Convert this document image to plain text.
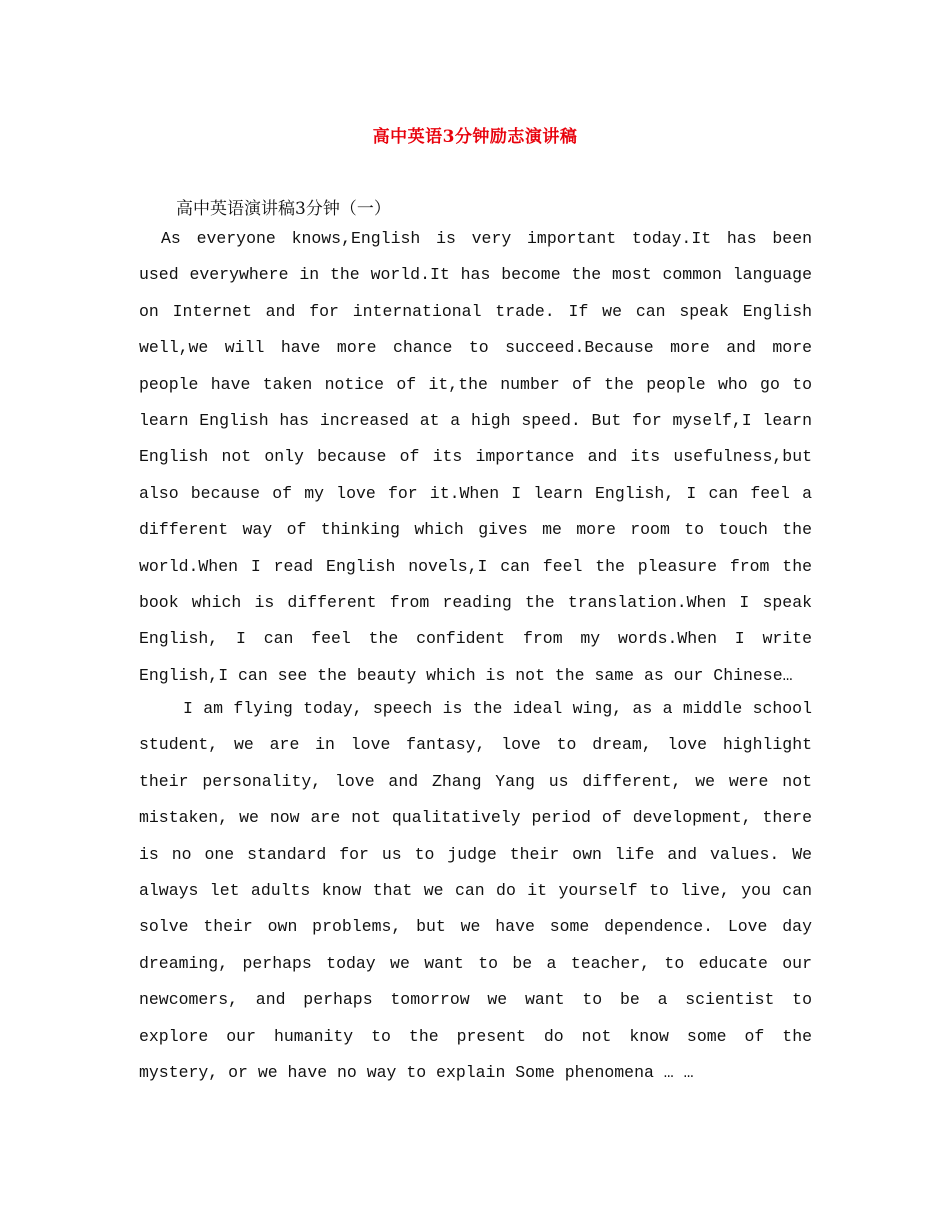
高中英语3分钟励志演讲稿
高中英语演讲稿3分钟（一）

As everyone knows,English is very important today.It has been used everywhere in the world.It has become the most common language on Internet and for international trade. If we can speak English well,we will have more chance to succeed.Because more and more people have taken notice of it,the number of the people who go to learn English has increased at a high speed. But for myself,I learn English not only because of its importance and its usefulness,but also because of my love for it.When I learn English, I can feel a different way of thinking which gives me more room to touch the world.When I read English novels,I can feel the pleasure from the book which is different from reading the translation.When I speak English, I can feel the confident from my words.When I write English,I can see the beauty which is not the same as our Chinese…

I am flying today, speech is the ideal wing, as a middle school student, we are in love fantasy, love to dream, love highlight their personality, love and Zhang Yang us different, we were not mistaken, we now are not qualitatively period of development, there is no one standard for us to judge their own life and values. We always let adults know that we can do it yourself to live, you can solve their own problems, but we have some dependence. Love day dreaming, perhaps today we want to be a teacher, to educate our newcomers, and perhaps tomorrow we want to be a scientist to explore our humanity to the present do not know some of the mystery, or we have no way to explain Some phenomena … …
